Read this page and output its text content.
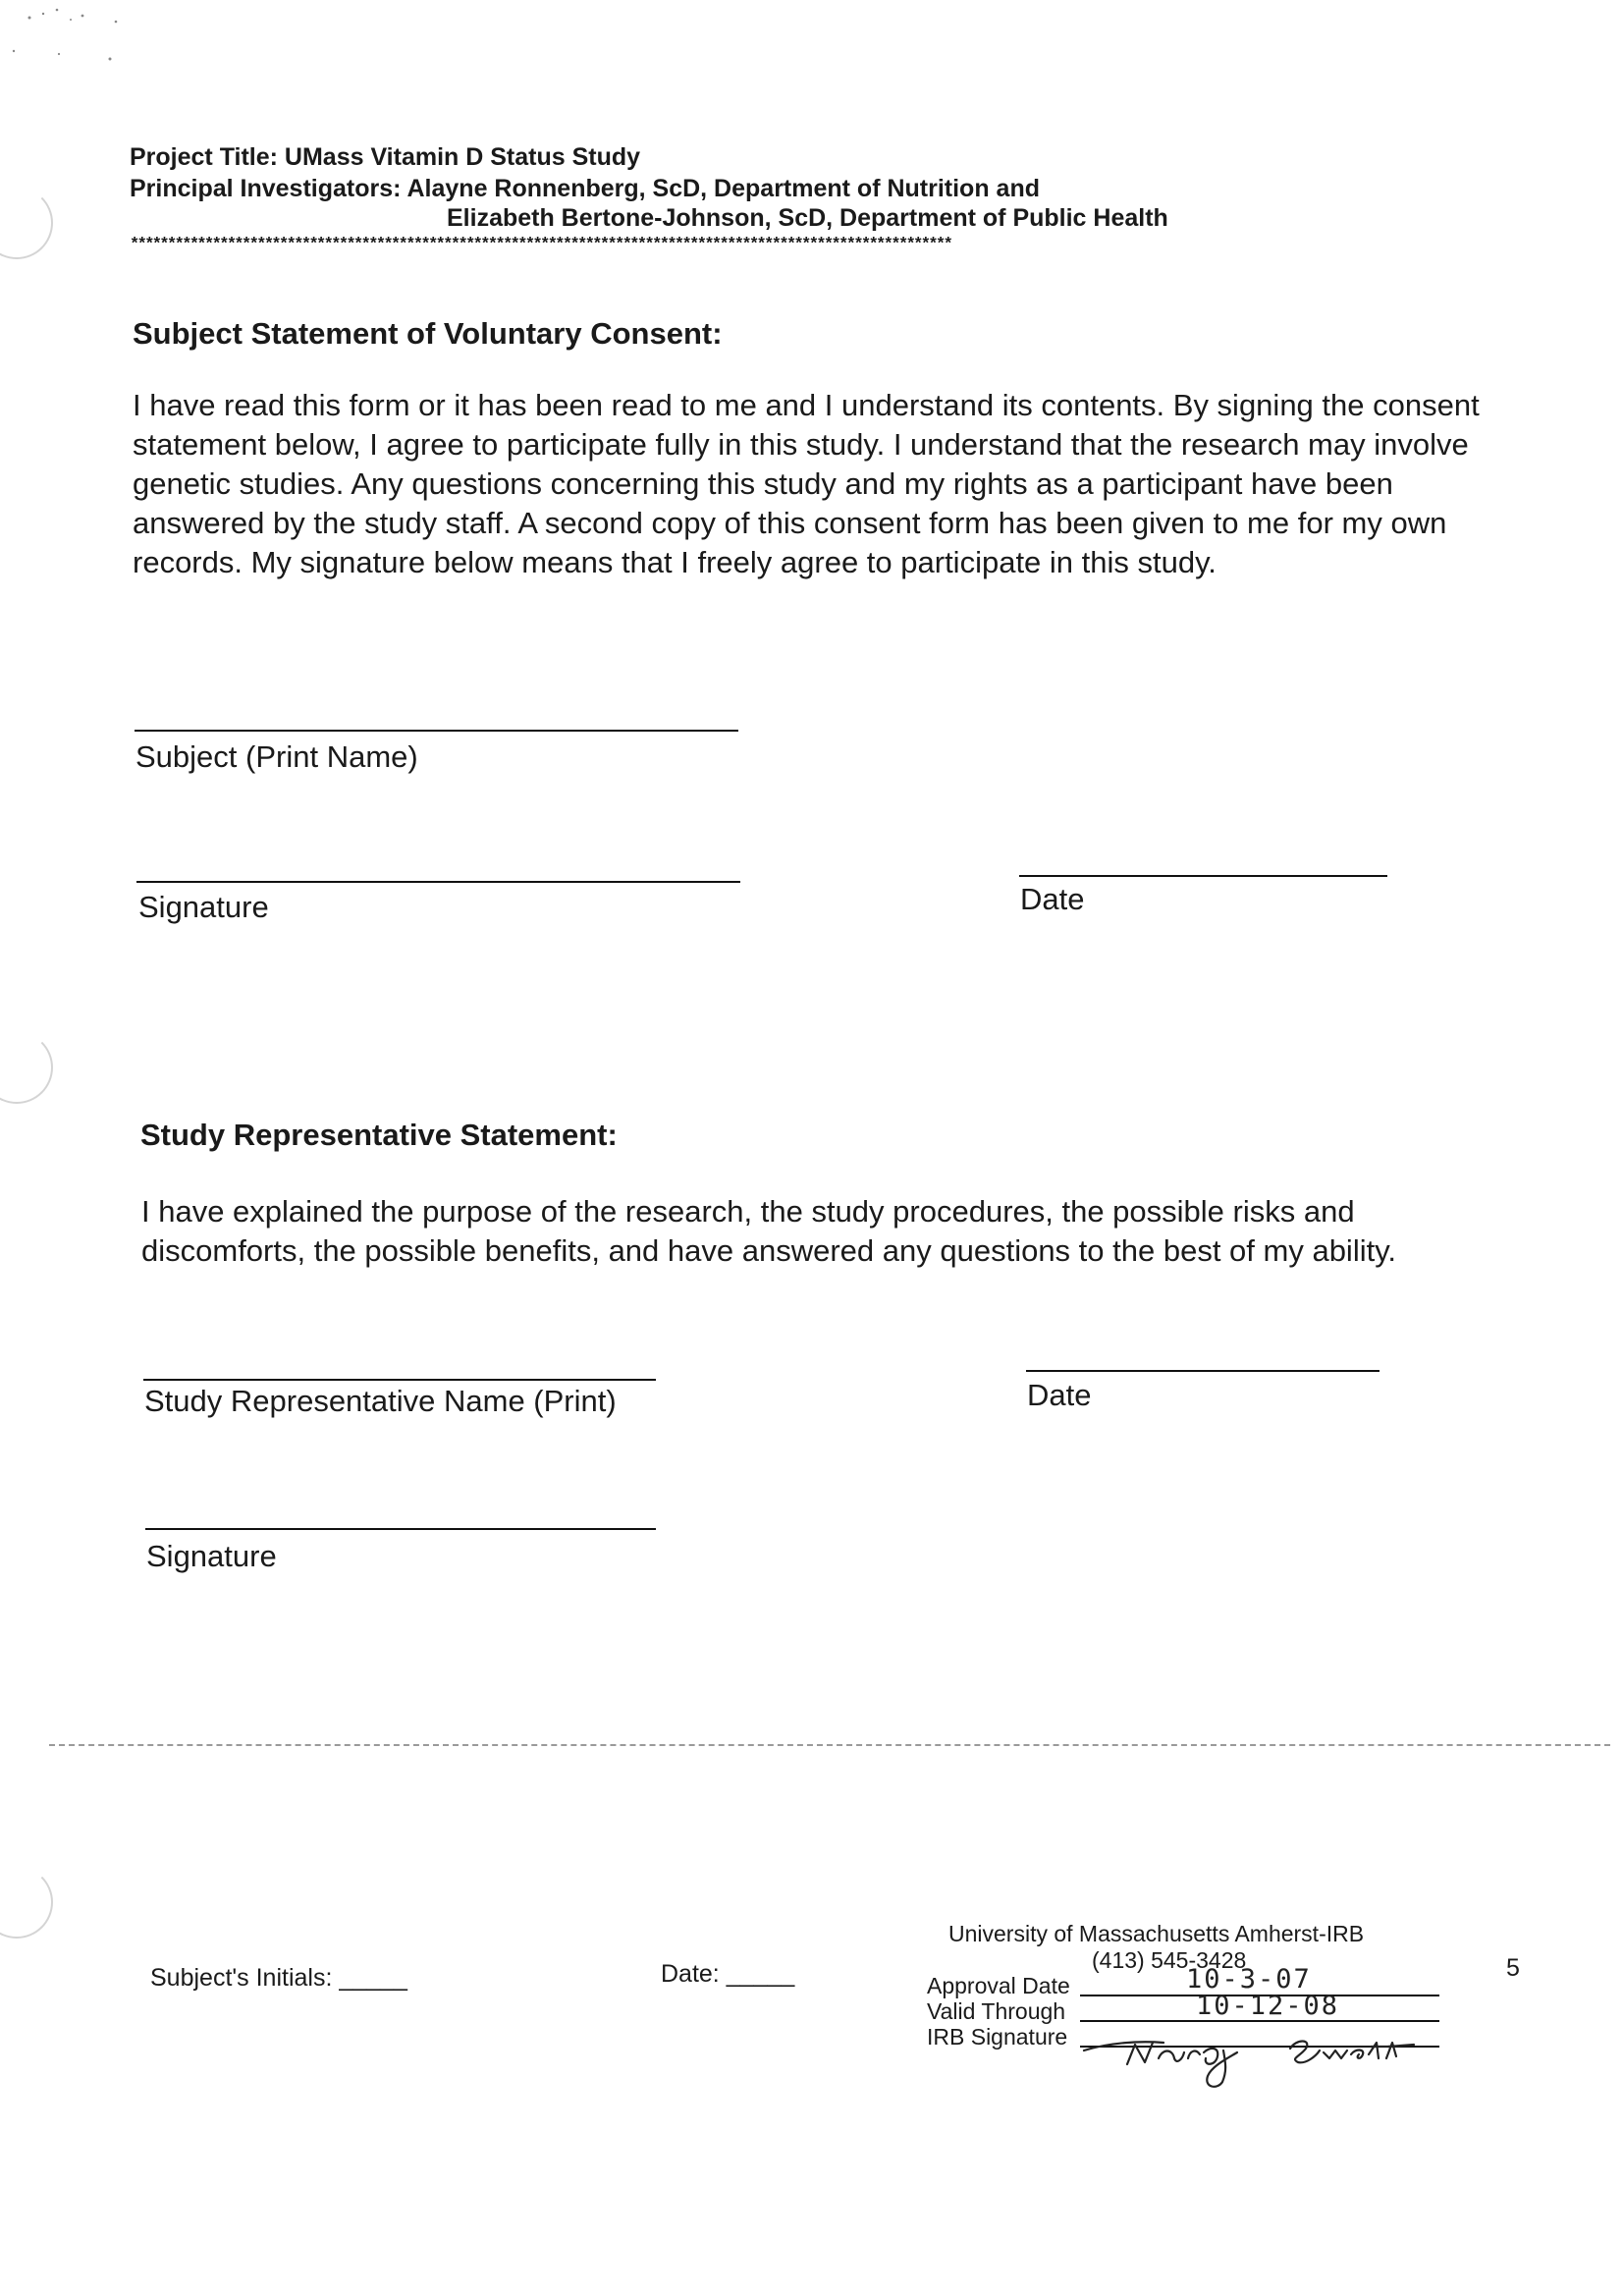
Project Title: UMass Vitamin D Status Study
Principal Investigators: Alayne Ronnenberg, ScD, Department of Nutrition and
Elizabeth Bertone-Johnson, ScD, Department of Public Health
**************************************************************************************************************
Subject Statement of Voluntary Consent:
I have read this form or it has been read to me and I understand its contents. By signing the consent statement below, I agree to participate fully in this study. I understand that the research may involve genetic studies. Any questions concerning this study and my rights as a participant have been answered by the study staff. A second copy of this consent form has been given to me for my own records. My signature below means that I freely agree to participate in this study.
Subject (Print Name)
Signature	Date
Study Representative Statement:
I have explained the purpose of the research, the study procedures, the possible risks and discomforts, the possible benefits, and have answered any questions to the best of my ability.
Study Representative Name (Print)	Date
Signature
Subject's Initials: _____	Date: _____
University of Massachusetts Amherst-IRB
(413) 545-3428
Approval Date	10-3-07
Valid Through	10-12-08
IRB Signature
5
